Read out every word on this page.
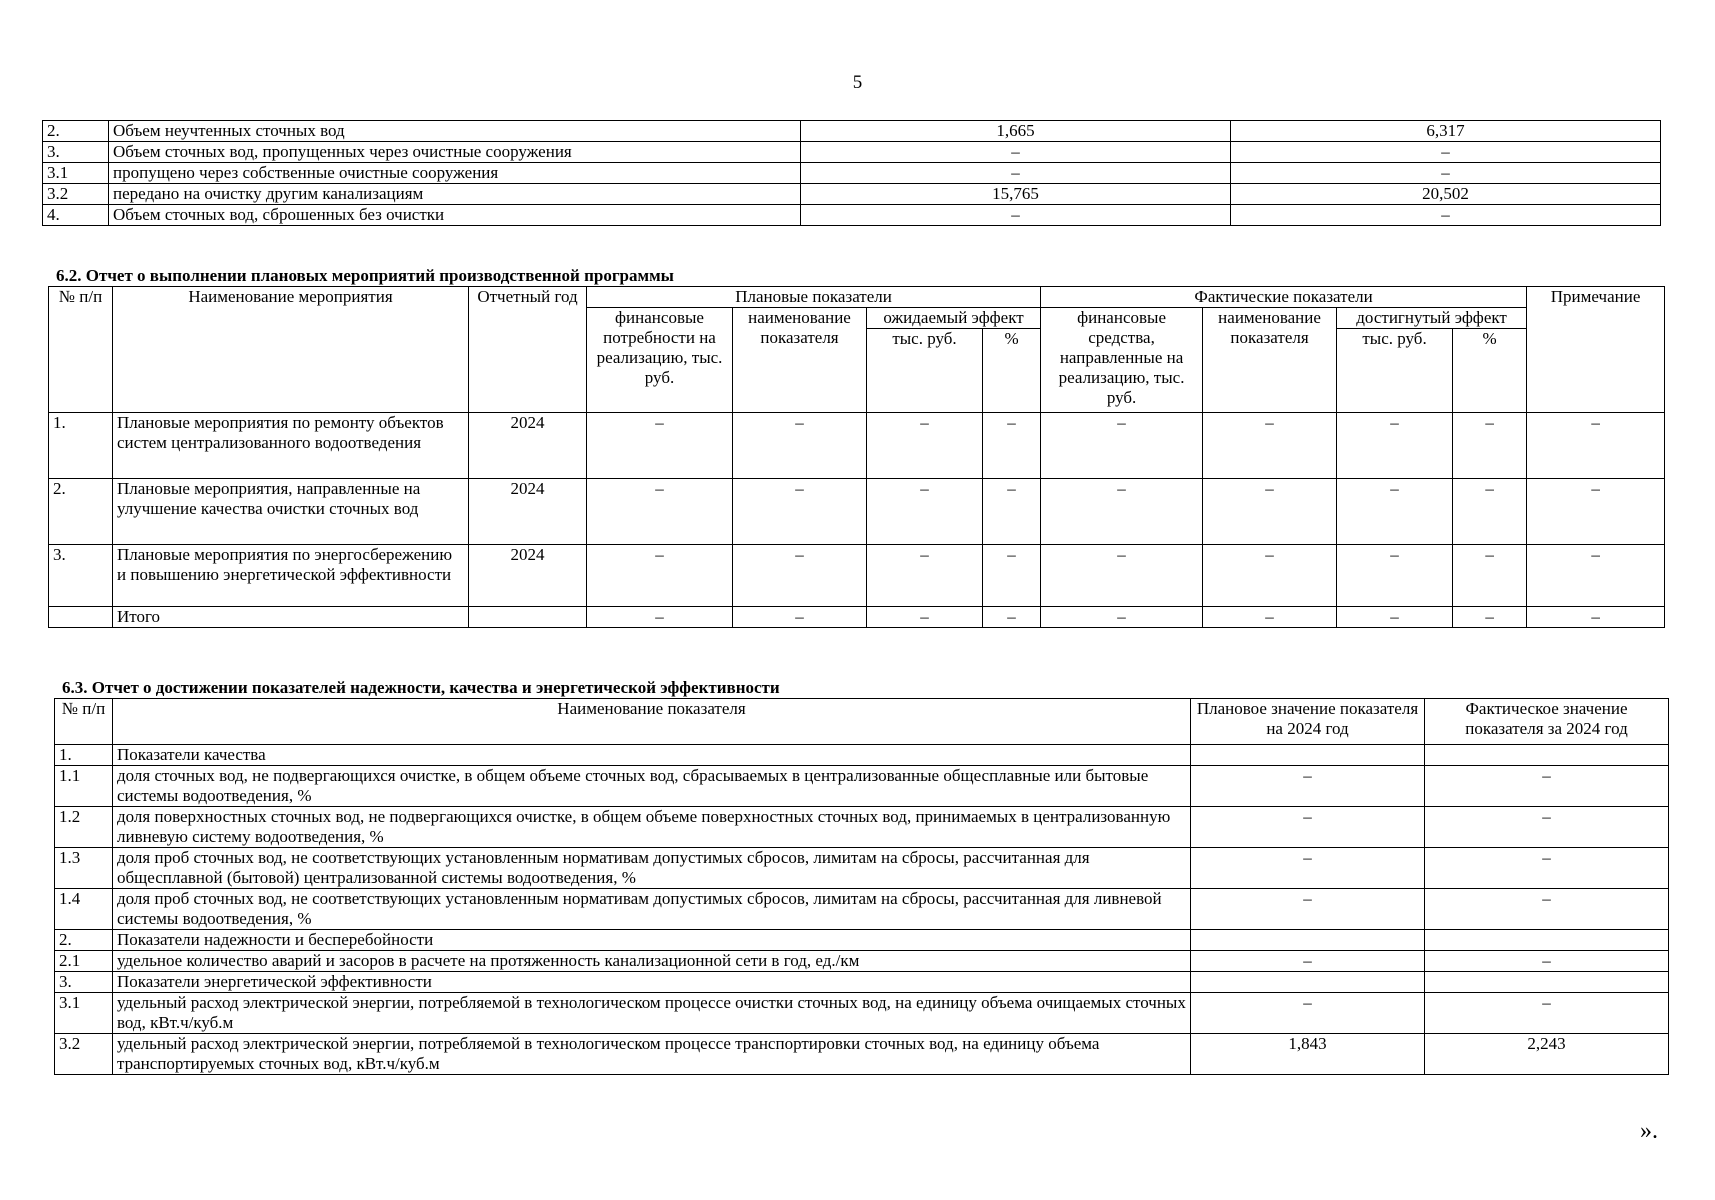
5
2.	Объем неучтенных сточных вод	1,665	6,317
3.	Объем сточных вод, пропущенных через очистные сооружения	–	–
3.1	пропущено через собственные очистные сооружения	–	–
3.2	передано на очистку другим канализациям	15,765	20,502
4.	Объем сточных вод, сброшенных без очистки	–	–
6.2. Отчет о выполнении плановых мероприятий производственной программы
№ п/п	Наименование мероприятия	Отчетный год	Плановые показатели				Фактические показатели				Примечание
			финансовые потребности на реализацию, тыс. руб.	наименование показателя	ожидаемый эффект		финансовые средства, направленные на реализацию, тыс. руб.	наименование показателя	достигнутый эффект		
					тыс. руб.	%			тыс. руб.	%	
1.	Плановые мероприятия по ремонту объектов систем централизованного водоотведения	2024	–	–	–	–	–	–	–	–	–
2.	Плановые мероприятия, направленные на улучшение качества очистки сточных вод	2024	–	–	–	–	–	–	–	–	–
3.	Плановые мероприятия по энергосбережению и повышению энергетической эффективности	2024	–	–	–	–	–	–	–	–	–
	Итого		–	–	–	–	–	–	–	–	–
6.3. Отчет о достижении показателей надежности, качества и энергетической эффективности
№ п/п	Наименование показателя	Плановое значение показателя на 2024 год	Фактическое значение показателя за 2024 год
1.	Показатели качества		
1.1	доля сточных вод, не подвергающихся очистке, в общем объеме сточных вод, сбрасываемых в централизованные общесплавные или бытовые системы водоотведения, %	–	–
1.2	доля поверхностных сточных вод, не подвергающихся очистке, в общем объеме поверхностных сточных вод, принимаемых в централизованную ливневую систему водоотведения, %	–	–
1.3	доля проб сточных вод, не соответствующих установленным нормативам допустимых сбросов, лимитам на сбросы, рассчитанная для общесплавной (бытовой) централизованной системы водоотведения, %	–	–
1.4	доля проб сточных вод, не соответствующих установленным нормативам допустимых сбросов, лимитам на сбросы, рассчитанная для ливневой системы водоотведения, %	–	–
2.	Показатели надежности и бесперебойности		
2.1	удельное количество аварий и засоров в расчете на протяженность канализационной сети в год, ед./км	–	–
3.	Показатели энергетической эффективности		
3.1	удельный расход электрической энергии, потребляемой в технологическом процессе очистки сточных вод, на единицу объема очищаемых сточных вод, кВт.ч/куб.м	–	–
3.2	удельный расход электрической энергии, потребляемой в технологическом процессе транспортировки сточных вод, на единицу объема транспортируемых сточных вод, кВт.ч/куб.м	1,843	2,243
».
